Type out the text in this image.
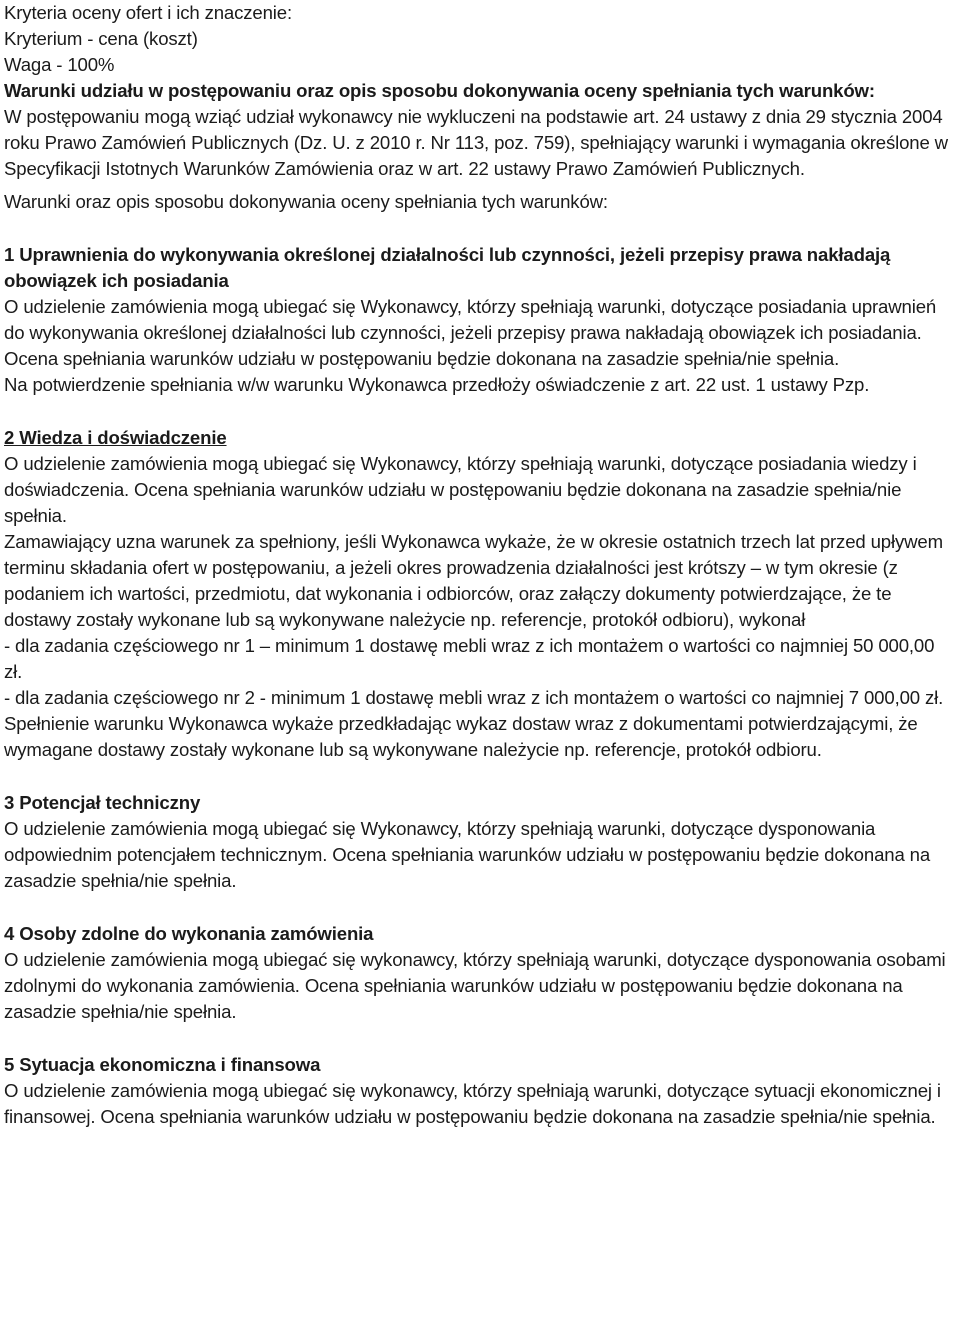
Kryteria oceny ofert i ich znaczenie:

Kryterium - cena (koszt)

Waga - 100%

Warunki udziału w postępowaniu oraz opis sposobu dokonywania oceny spełniania tych warunków:

W postępowaniu mogą wziąć udział wykonawcy nie wykluczeni na podstawie art. 24 ustawy z dnia 29 stycznia 2004 roku Prawo Zamówień Publicznych (Dz. U. z 2010 r. Nr 113, poz. 759), spełniający warunki i wymagania określone w Specyfikacji Istotnych Warunków Zamówienia oraz w art. 22 ustawy Prawo Zamówień Publicznych.

Warunki oraz opis sposobu dokonywania oceny spełniania tych warunków:

1 Uprawnienia do wykonywania określonej działalności lub czynności, jeżeli przepisy prawa nakładają obowiązek ich posiadania

O udzielenie zamówienia mogą ubiegać się Wykonawcy, którzy spełniają warunki, dotyczące posiadania uprawnień do wykonywania określonej działalności lub czynności, jeżeli przepisy prawa nakładają obowiązek ich posiadania. Ocena spełniania warunków udziału w postępowaniu będzie dokonana na zasadzie spełnia/nie spełnia.

Na potwierdzenie spełniania w/w warunku Wykonawca przedłoży oświadczenie z art. 22 ust. 1 ustawy Pzp.

2 Wiedza i doświadczenie

O udzielenie zamówienia mogą ubiegać się Wykonawcy, którzy spełniają warunki, dotyczące posiadania wiedzy i doświadczenia. Ocena spełniania warunków udziału w postępowaniu będzie dokonana na zasadzie spełnia/nie spełnia.

Zamawiający uzna warunek za spełniony, jeśli Wykonawca wykaże, że w okresie ostatnich trzech lat przed upływem terminu składania ofert w postępowaniu, a jeżeli okres prowadzenia działalności jest krótszy – w tym okresie (z podaniem ich wartości, przedmiotu, dat wykonania i odbiorców, oraz załączy dokumenty potwierdzające, że te dostawy zostały wykonane lub są wykonywane należycie np. referencje, protokół odbioru), wykonał

- dla zadania częściowego nr 1 – minimum 1 dostawę mebli wraz z ich montażem o wartości co najmniej 50 000,00 zł.

- dla zadania częściowego nr 2 - minimum 1 dostawę mebli wraz z ich montażem o wartości co najmniej 7 000,00 zł.

Spełnienie warunku Wykonawca wykaże przedkładając wykaz dostaw wraz z dokumentami potwierdzającymi, że wymagane dostawy zostały wykonane lub są wykonywane należycie np. referencje, protokół odbioru.

3 Potencjał techniczny

O udzielenie zamówienia mogą ubiegać się Wykonawcy, którzy spełniają warunki, dotyczące dysponowania odpowiednim potencjałem technicznym. Ocena spełniania warunków udziału w postępowaniu będzie dokonana na zasadzie spełnia/nie spełnia.

4 Osoby zdolne do wykonania zamówienia

O udzielenie zamówienia mogą ubiegać się wykonawcy, którzy spełniają warunki, dotyczące dysponowania osobami zdolnymi do wykonania zamówienia. Ocena spełniania warunków udziału w postępowaniu będzie dokonana na zasadzie spełnia/nie spełnia.

5 Sytuacja ekonomiczna i finansowa

O udzielenie zamówienia mogą ubiegać się wykonawcy, którzy spełniają warunki, dotyczące sytuacji ekonomicznej i finansowej. Ocena spełniania warunków udziału w postępowaniu będzie dokonana na zasadzie spełnia/nie spełnia.
